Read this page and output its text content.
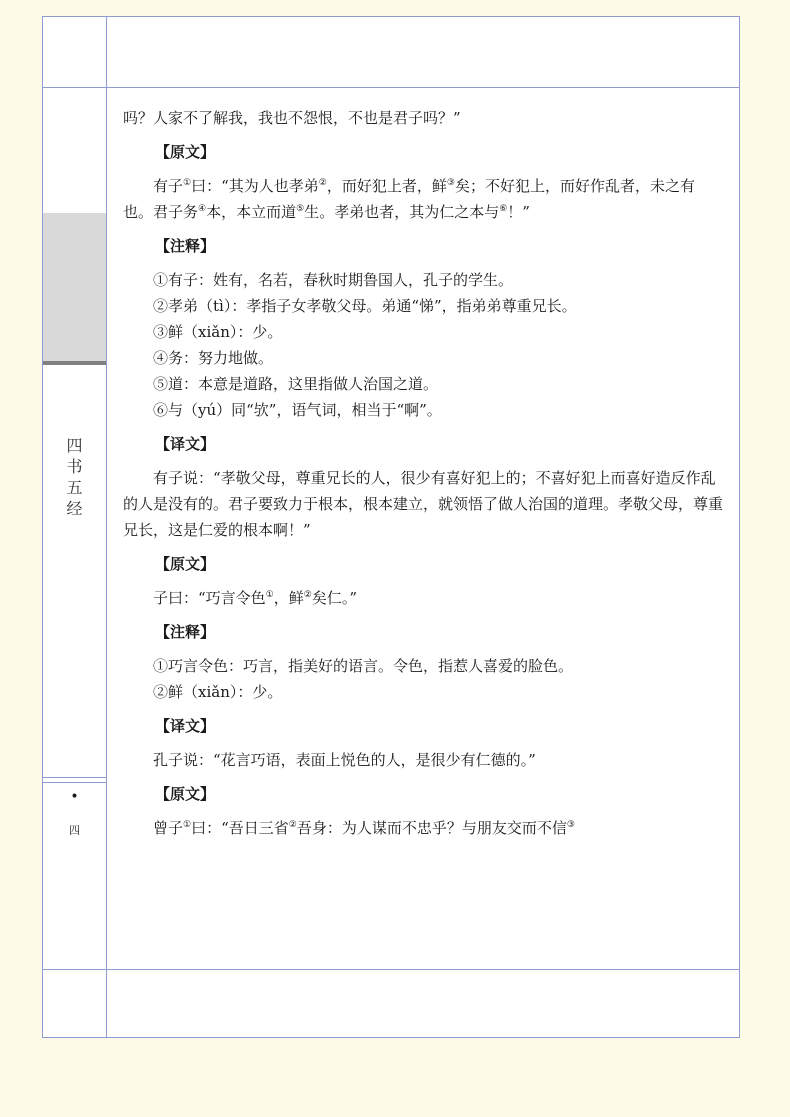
四
书
五
经
•
四

吗？人家不了解我，我也不怨恨，不也是君子吗？”

【原文】

有子①曰：“其为人也孝弟②，而好犯上者，鲜③矣；不好犯上，而好作乱者，未之有也。君子务④本，本立而道⑤生。孝弟也者，其为仁之本与⑥！”

【注释】
①有子：姓有，名若，春秋时期鲁国人，孔子的学生。
②孝弟（tì）：孝指子女孝敬父母。弟通“悌”，指弟弟尊重兄长。
③鲜（xiǎn）：少。
④务：努力地做。
⑤道：本意是道路，这里指做人治国之道。
⑥与（yú）同“欤”，语气词，相当于“啊”。
【译文】

有子说：“孝敬父母，尊重兄长的人，很少有喜好犯上的；不喜好犯上而喜好造反作乱的人是没有的。君子要致力于根本，根本建立，就领悟了做人治国的道理。孝敬父母，尊重兄长，这是仁爱的根本啊！”

【原文】

子曰：“巧言令色①，鲜②矣仁。”

【注释】
①巧言令色：巧言，指美好的语言。令色，指惹人喜爱的脸色。
②鲜（xiǎn）：少。
【译文】

孔子说：“花言巧语，表面上悦色的人，是很少有仁德的。”

【原文】

曾子①曰：“吾日三省②吾身：为人谋而不忠乎？与朋友交而不信③
